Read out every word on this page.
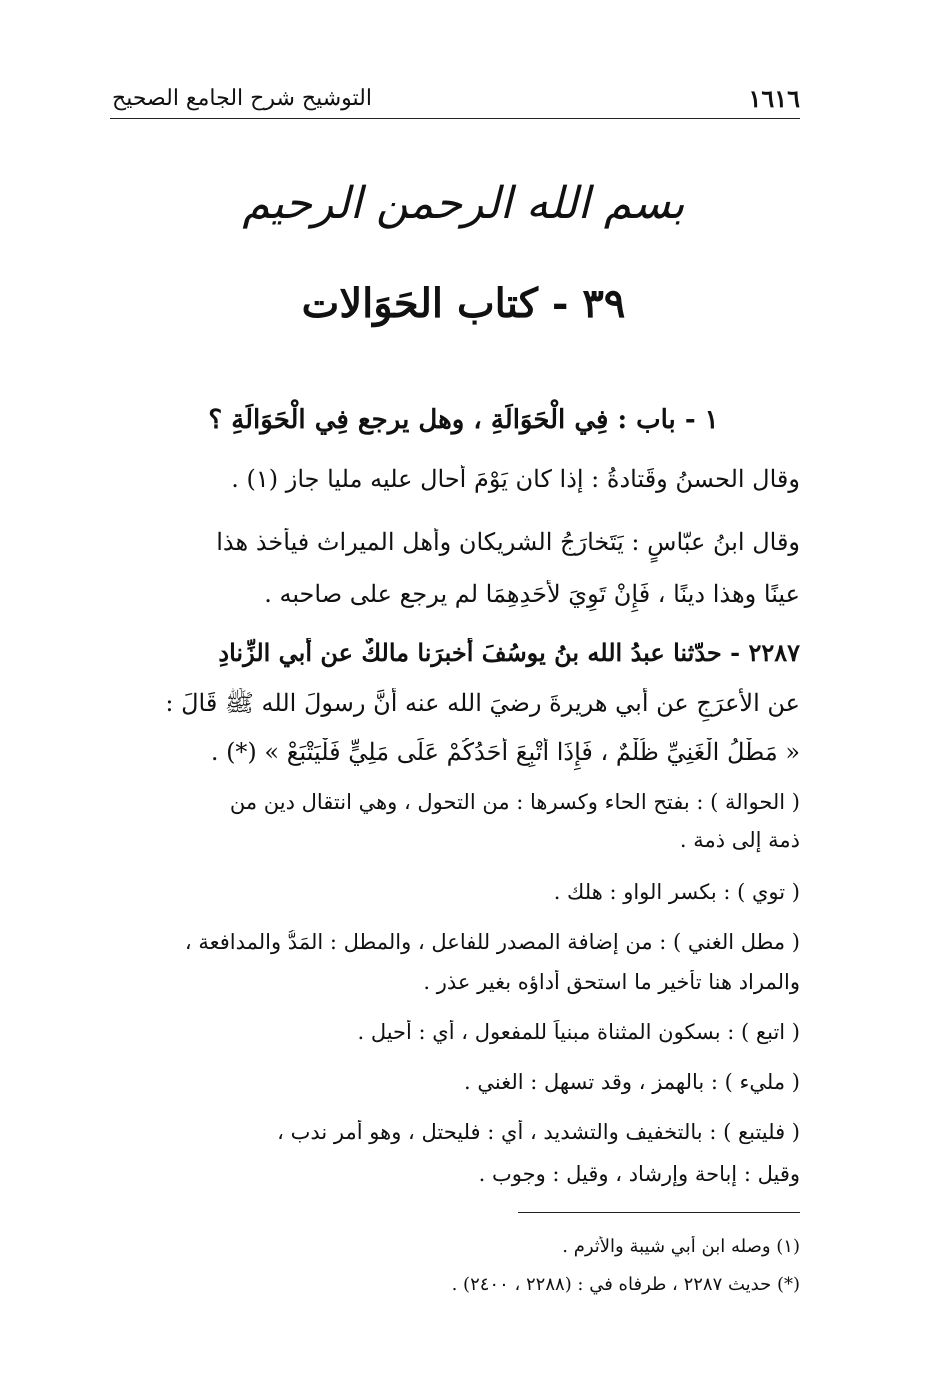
التوشيح شرح الجامع الصحيح	١٦١٦
بسم الله الرحمن الرحيم
٣٩ - كتاب الحَوَالات
١ - باب : فِي الْحَوَالَةِ ، وهل يرجع فِي الْحَوَالَةِ ؟
وقال الحسنُ وقَتادةُ : إذا كان يَوْمَ أحال عليه مليا جاز (١) .
وقال ابنُ عبّاسٍ : يَتَخارَجُ الشريكان وأهل الميراث فيأخذ هذا
عينًا وهذا دينًا ، فَإِنْ تَوِيَ لأَحَدِهِمَا لم يرجع على صاحبه .
٢٢٨٧ - حدّثنا عبدُ الله بنُ يوسُفَ أخبرَنا مالكٌ عن أَبي الزِّنادِ
عن الأَعرَجِ عن أَبي هريرةَ رضيَ الله عنه أَنَّ رسولَ الله ﷺ قَالَ :
« مَطْلُ الْغَنِيِّ ظُلْمٌ ، فَإِذَا أُتْبِعَ أَحَدُكُمْ عَلَى مَلِيٍّ فَلْيَتْبَعْ » (*) .
( الحوالة ) : بفتح الحاء وكسرها : من التحول ، وهي انتقال دين من
ذمة إلى ذمة .
( توي ) : بكسر الواو : هلك .
( مطل الغني ) : من إضافة المصدر للفاعل ، والمطل : المَدُّ والمدافعة ،
والمراد هنا تأخير ما استحق أداؤه بغير عذر .
( اتبع ) : بسكون المثناة مبنياً للمفعول ، أي : أحيل .
( مليء ) : بالهمز ، وقد تسهل : الغني .
( فليتبع ) : بالتخفيف والتشديد ، أي : فليحتل ، وهو أمر ندب ،
وقيل : إباحة وإرشاد ، وقيل : وجوب .
(١) وصله ابن أبي شيبة والأثرم .
(*) حديث ٢٢٨٧ ، طرفاه في : (٢٢٨٨ ، ٢٤٠٠) .
